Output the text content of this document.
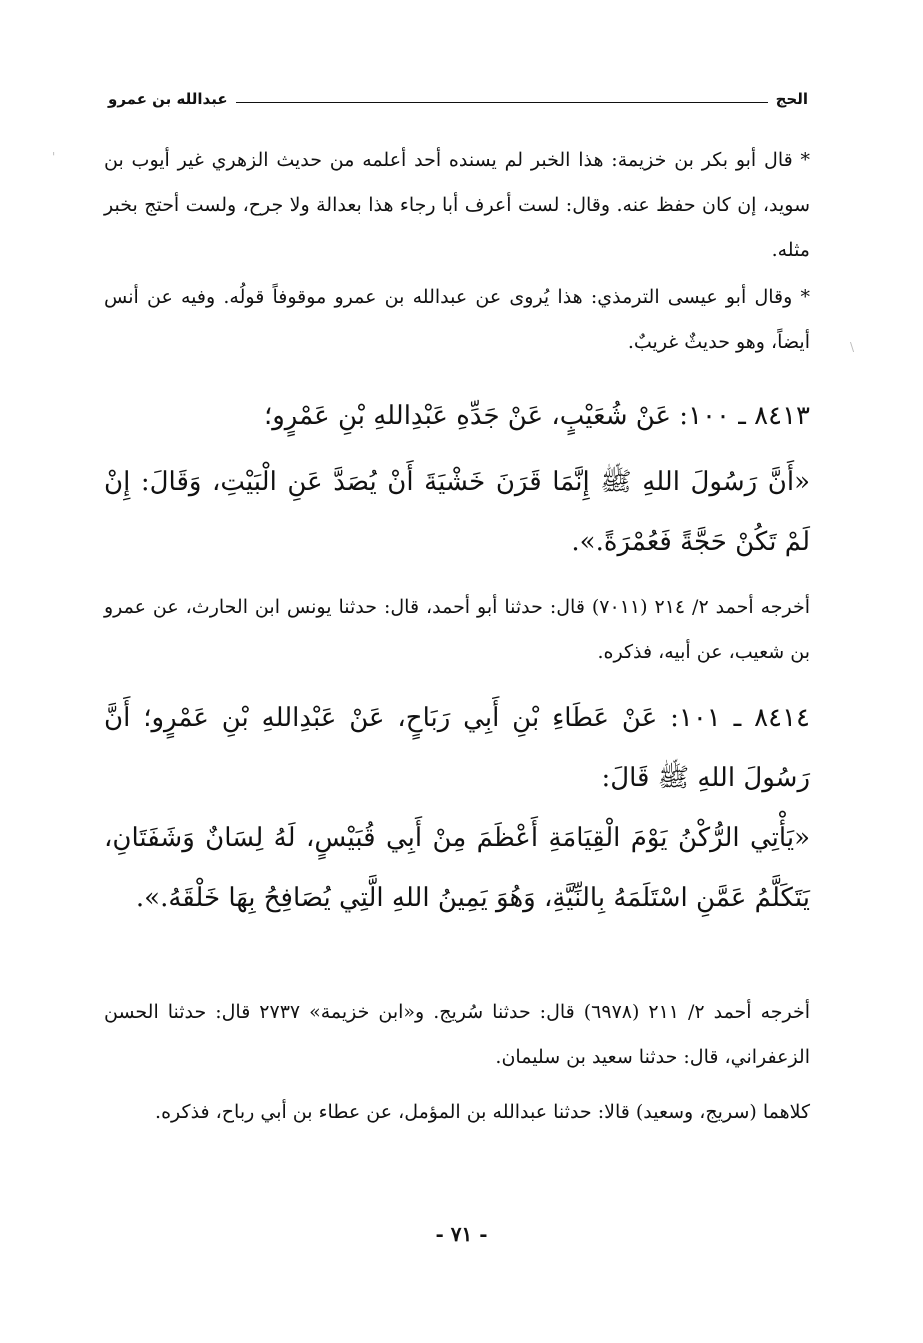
الحج
عبدالله بن عمرو

* قال أبو بكر بن خزيمة: هذا الخبر لم يسنده أحد أعلمه من حديث الزهري غير أيوب بن سويد، إن كان حفظ عنه. وقال: لست أعرف أبا رجاء هذا بعدالة ولا جرح، ولست أحتج بخبر مثله.

* وقال أبو عيسى الترمذي: هذا يُروى عن عبدالله بن عمرو موقوفاً قولُه. وفيه عن أنس أيضاً، وهو حديثٌ غريبٌ.

٨٤١٣ ـ ١٠٠: عَنْ شُعَيْبٍ، عَنْ جَدِّهِ عَبْدِاللهِ بْنِ عَمْرٍو؛

«أَنَّ رَسُولَ اللهِ ﷺ إِنَّمَا قَرَنَ خَشْيَةَ أَنْ يُصَدَّ عَنِ الْبَيْتِ، وَقَالَ: إِنْ لَمْ تَكُنْ حَجَّةً فَعُمْرَةً.».

أخرجه أحمد ٢/ ٢١٤ (٧٠١١) قال: حدثنا أبو أحمد، قال: حدثنا يونس ابن الحارث، عن عمرو بن شعيب، عن أبيه، فذكره.

٨٤١٤ ـ ١٠١: عَنْ عَطَاءِ بْنِ أَبِي رَبَاحٍ، عَنْ عَبْدِاللهِ بْنِ عَمْرٍو؛ أَنَّ رَسُولَ اللهِ ﷺ قَالَ:

«يَأْتِي الرُّكْنُ يَوْمَ الْقِيَامَةِ أَعْظَمَ مِنْ أَبِي قُبَيْسٍ، لَهُ لِسَانٌ وَشَفَتَانِ، يَتَكَلَّمُ عَمَّنِ اسْتَلَمَهُ بِالنِّيَّةِ، وَهُوَ يَمِينُ اللهِ الَّتِي يُصَافِحُ بِهَا خَلْقَهُ.».

أخرجه أحمد ٢/ ٢١١ (٦٩٧٨) قال: حدثنا سُريج. و«ابن خزيمة» ٢٧٣٧ قال: حدثنا الحسن الزعفراني، قال: حدثنا سعيد بن سليمان.

كلاهما (سريج، وسعيد) قالا: حدثنا عبدالله بن المؤمل، عن عطاء بن أبي رباح، فذكره.

- ٧١ -
'
\
